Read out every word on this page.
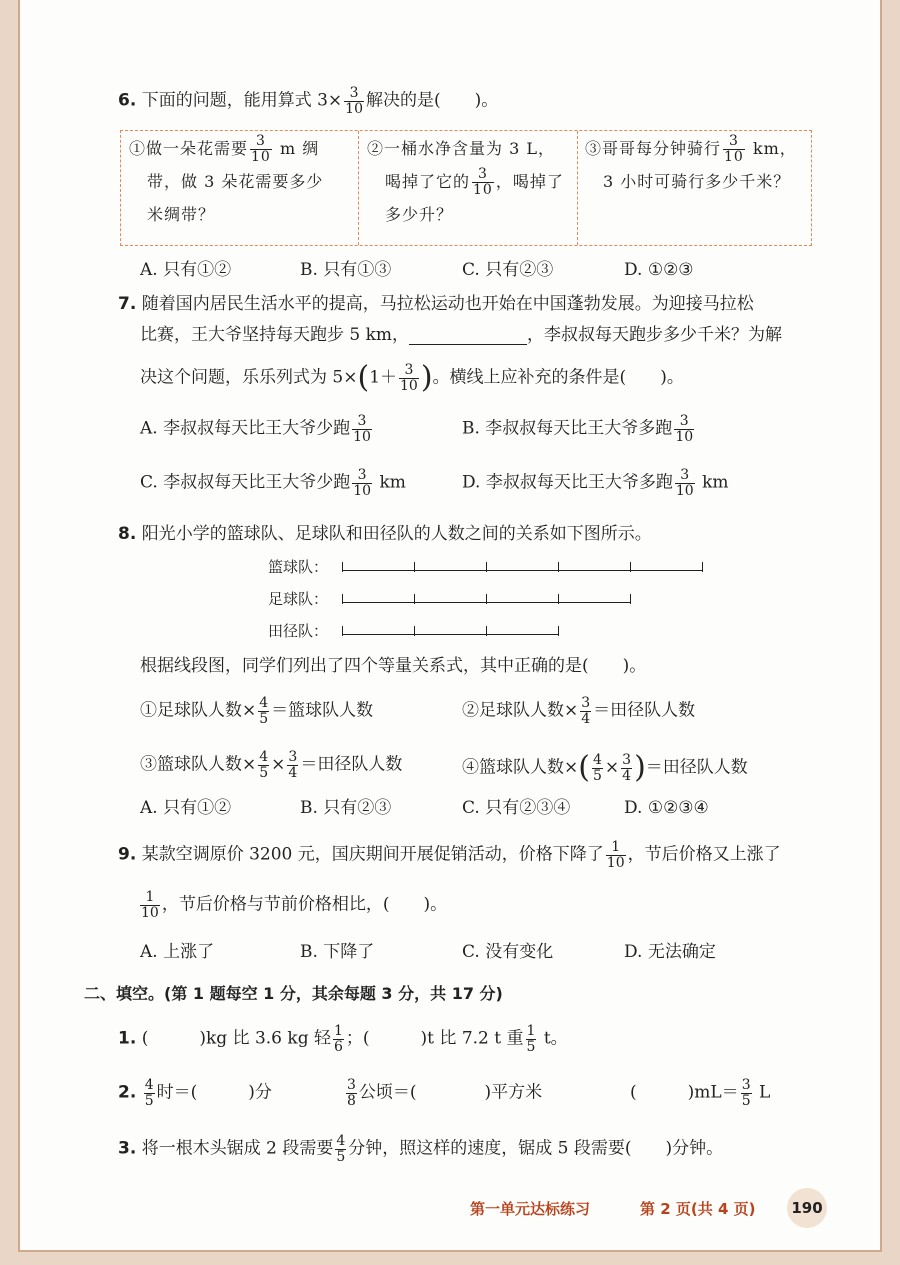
6. 下面的问题，能用算式 $3\times \frac{3}{10}$ 解决的是(　　)。
①做一朵花需要 $\frac{3}{10}$ m 绸
带，做 3 朵花需要多少
米绸带？
②一桶水净含量为 3 L，
喝掉了它的 $\frac{3}{10}$ ，喝掉了
多少升？
③哥哥每分钟骑行 $\frac{3}{10}$ km，
3 小时可骑行多少千米？
A. 只有①②	B. 只有①③	C. 只有②③	D. ①②③
7. 随着国内居民生活水平的提高，马拉松运动也开始在中国蓬勃发展。为迎接马拉松
比赛，王大爷坚持每天跑步 5 km，	，李叔叔每天跑步多少千米？为解
决这个问题，乐乐列式为 $5\times(1+ \frac{3}{10}$ )。横线上应补充的条件是(　　)。
A. 李叔叔每天比王大爷少跑 $\frac{3}{10}$	B. 李叔叔每天比王大爷多跑 $\frac{3}{10}$
C. 李叔叔每天比王大爷少跑 $\frac{3}{10}$ km	D. 李叔叔每天比王大爷多跑 $\frac{3}{10}$ km
8. 阳光小学的篮球队、足球队和田径队的人数之间的关系如下图所示。
篮球队：
足球队：
田径队：
根据线段图，同学们列出了四个等量关系式，其中正确的是(　　)。
①足球队人数× $\frac{4}{5}$ ＝篮球队人数	②足球队人数× $\frac{3}{4}$ ＝田径队人数
③篮球队人数× $\frac{4}{5} \times \frac{3}{4}$ ＝田径队人数	④篮球队人数×( $\frac{4}{5} \times \frac{3}{4}$ )＝田径队人数
A. 只有①②	B. 只有②③	C. 只有②③④	D. ①②③④
9. 某款空调原价 3200 元，国庆期间开展促销活动，价格下降了 $\frac{1}{10}$ ，节后价格又上涨了
$\frac{1}{10}$ ，节后价格与节前价格相比，(　　)。
A. 上涨了	B. 下降了	C. 没有变化	D. 无法确定
二、填空。(第 1 题每空 1 分，其余每题 3 分，共 17 分)
1. (　　　)kg 比 3.6 kg 轻 $\frac{1}{6}$ ；(　　　)t 比 7.2 t 重 $\frac{1}{5}$ t。
2. $\frac{4}{5}$ 时＝(　　　)分	$\frac{3}{8}$ 公顷＝(　　　　)平方米	(　　　)$mL= \frac{3}{5}$ L
3. 将一根木头锯成 2 段需要 $\frac{4}{5}$ 分钟，照这样的速度，锯成 5 段需要(　　)分钟。
第一单元达标练习	第 2 页(共 4 页) 190
